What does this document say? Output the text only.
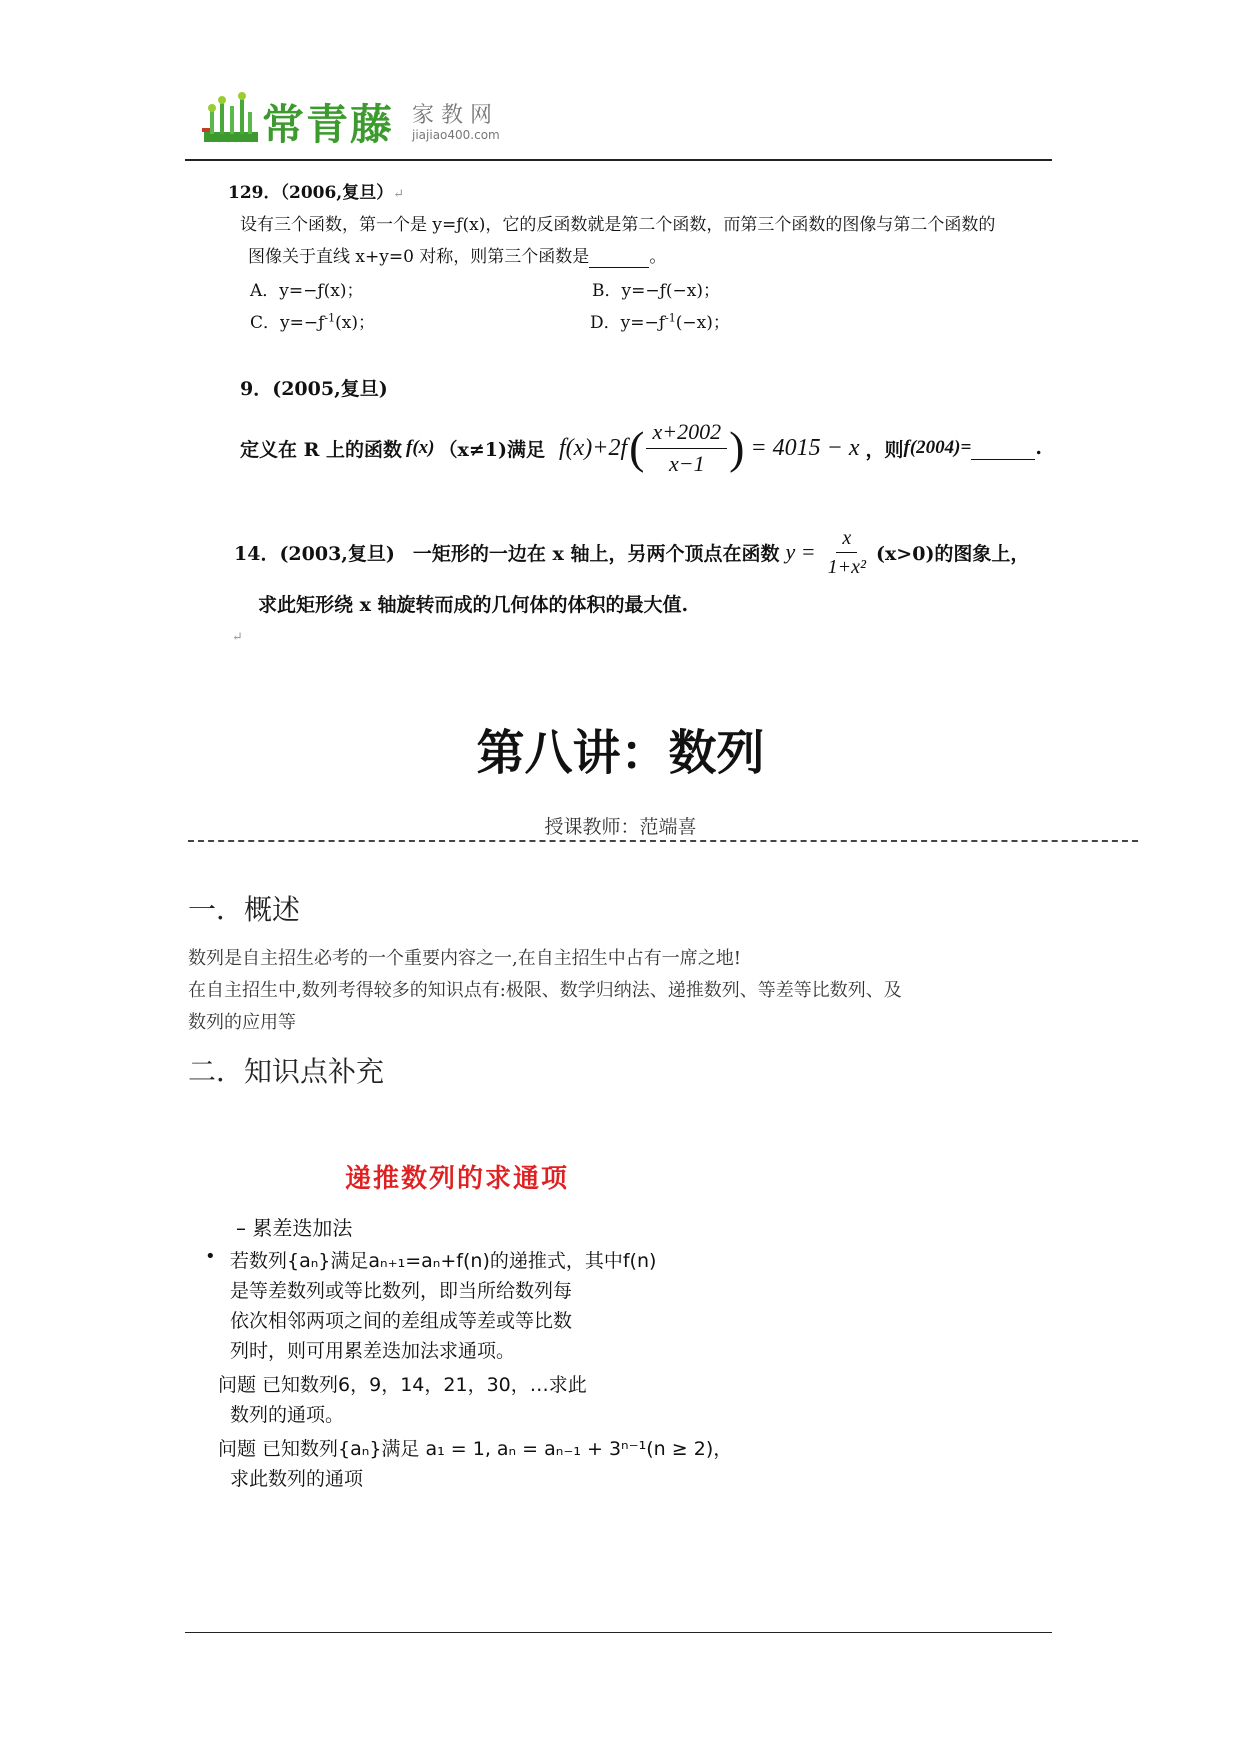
常青藤 家 教 网
jiajiao400.com
129．（2006,复旦）↵
设有三个函数，第一个是 y=ƒ(x)，它的反函数就是第二个函数，而第三个函数的图像与第二个函数的
图像关于直线 x+y=0 对称，则第三个函数是	。
A．y=−ƒ(x)；	B．y=−ƒ(−x)；
C．$y=-ƒ^{-1}(x)$；	D．$y=-ƒ^{-1}(-x)$；
9．(2005,复旦)
定义在 R 上的函数 f(x) （x≠1)满足 f(x)+2f ( $\frac{x+2002}{x-1}$ ) = 4015 − x ，则 f(2004)=
	.
14．(2003,复旦) 一矩形的一边在 x 轴上，另两个顶点在函数 $y = \frac{x}{\text{1+x²}} (x>0)$的图象上，
求此矩形绕 x 轴旋转而成的几何体的体积的最大值.
↵
第八讲：数列
授课教师：范端喜
一．概述
数列是自主招生必考的一个重要内容之一,在自主招生中占有一席之地!
在自主招生中,数列考得较多的知识点有:极限、数学归纳法、递推数列、等差等比数列、及
数列的应用等
二．知识点补充
递推数列的求通项
– 累差迭加法
• 若数列{aₙ}满足aₙ₊₁=aₙ+f(n)的递推式，其中f(n)
是等差数列或等比数列，即当所给数列每
依次相邻两项之间的差组成等差或等比数
列时，则可用累差迭加法求通项。
问题 已知数列6，9，14，21，30，…求此
数列的通项。
问题 已知数列{aₙ}满足 a₁ = 1, aₙ = aₙ₋₁ + 3ⁿ⁻¹(n ≥ 2)，
求此数列的通项
